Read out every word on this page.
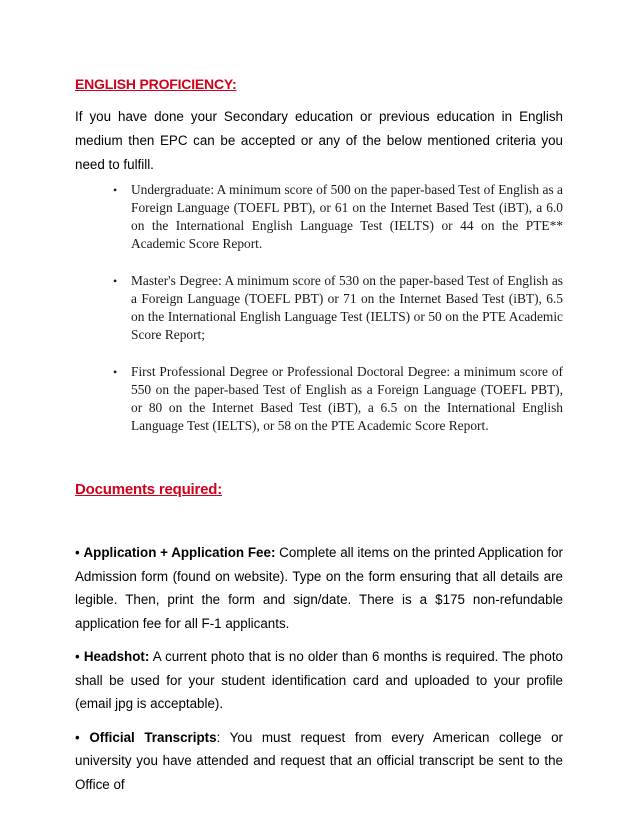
ENGLISH PROFICIENCY:

If you have done your Secondary education or previous education in English medium then EPC can be accepted or any of the below mentioned criteria you need to fulfill.

• Undergraduate: A minimum score of 500 on the paper-based Test of English as a Foreign Language (TOEFL PBT), or 61 on the Internet Based Test (iBT), a 6.0 on the International English Language Test (IELTS) or 44 on the PTE** Academic Score Report.
• Master's Degree: A minimum score of 530 on the paper-based Test of English as a Foreign Language (TOEFL PBT) or 71 on the Internet Based Test (iBT), 6.5 on the International English Language Test (IELTS) or 50 on the PTE Academic Score Report;
• First Professional Degree or Professional Doctoral Degree: a minimum score of 550 on the paper-based Test of English as a Foreign Language (TOEFL PBT), or 80 on the Internet Based Test (iBT), a 6.5 on the International English Language Test (IELTS), or 58 on the PTE Academic Score Report.
Documents required:

• Application + Application Fee: Complete all items on the printed Application for Admission form (found on website). Type on the form ensuring that all details are legible. Then, print the form and sign/date. There is a $175 non-refundable application fee for all F-1 applicants.

• Headshot: A current photo that is no older than 6 months is required. The photo shall be used for your student identification card and uploaded to your profile (email jpg is acceptable).

• Official Transcripts: You must request from every American college or university you have attended and request that an official transcript be sent to the Office of
